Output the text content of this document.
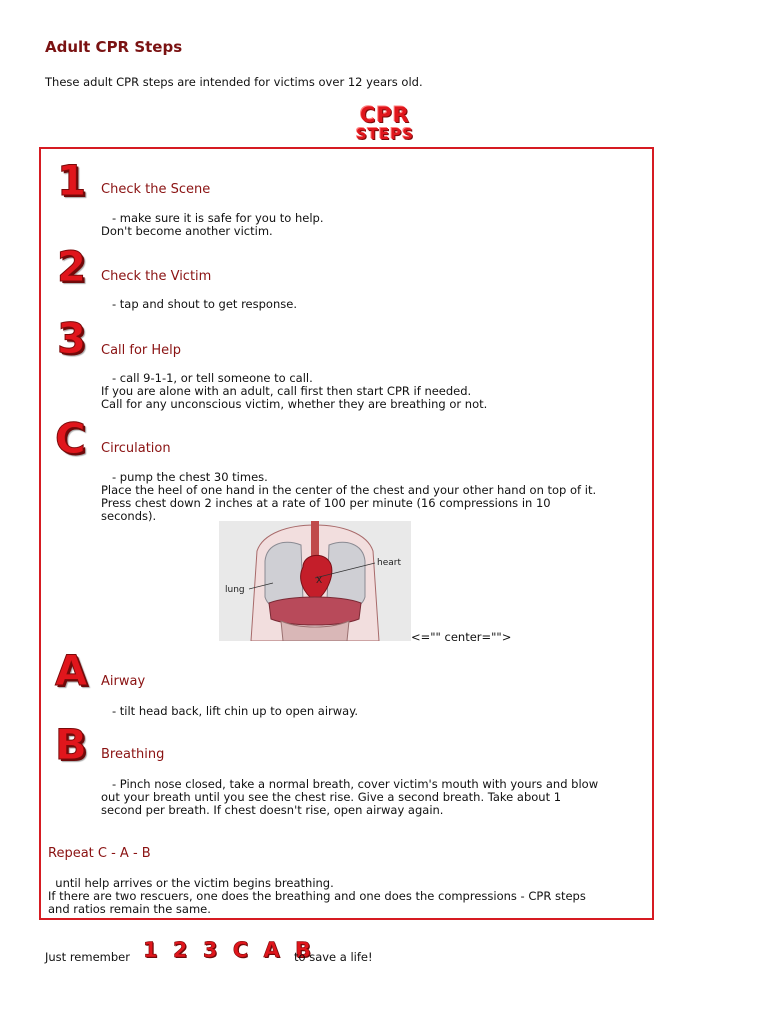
Adult CPR Steps

These adult CPR steps are intended for victims over 12 years old.

CPR
STEPS
1 Check the Scene
- make sure it is safe for you to help.
Don't become another victim.
2 Check the Victim
- tap and shout to get response.
3 Call for Help
- call 9-1-1, or tell someone to call.
If you are alone with an adult, call first then start CPR if needed.
Call for any unconscious victim, whether they are breathing or not.
C Circulation
- pump the chest 30 times.
Place the heel of one hand in the center of the chest and your other hand on top of it.
Press chest down 2 inches at a rate of 100 per minute (16 compressions in 10
seconds).
X
heart
lung
<="" center="">
A Airway
- tilt head back, lift chin up to open airway.
B Breathing
- Pinch nose closed, take a normal breath, cover victim's mouth with yours and blow
out your breath until you see the chest rise. Give a second breath. Take about 1
second per breath. If chest doesn't rise, open airway again.
Repeat C - A - B
until help arrives or the victim begins breathing.
If there are two rescuers, one does the breathing and one does the compressions - CPR steps
and ratios remain the same.
Just remember 1 2 3 C A B
to save a life!
